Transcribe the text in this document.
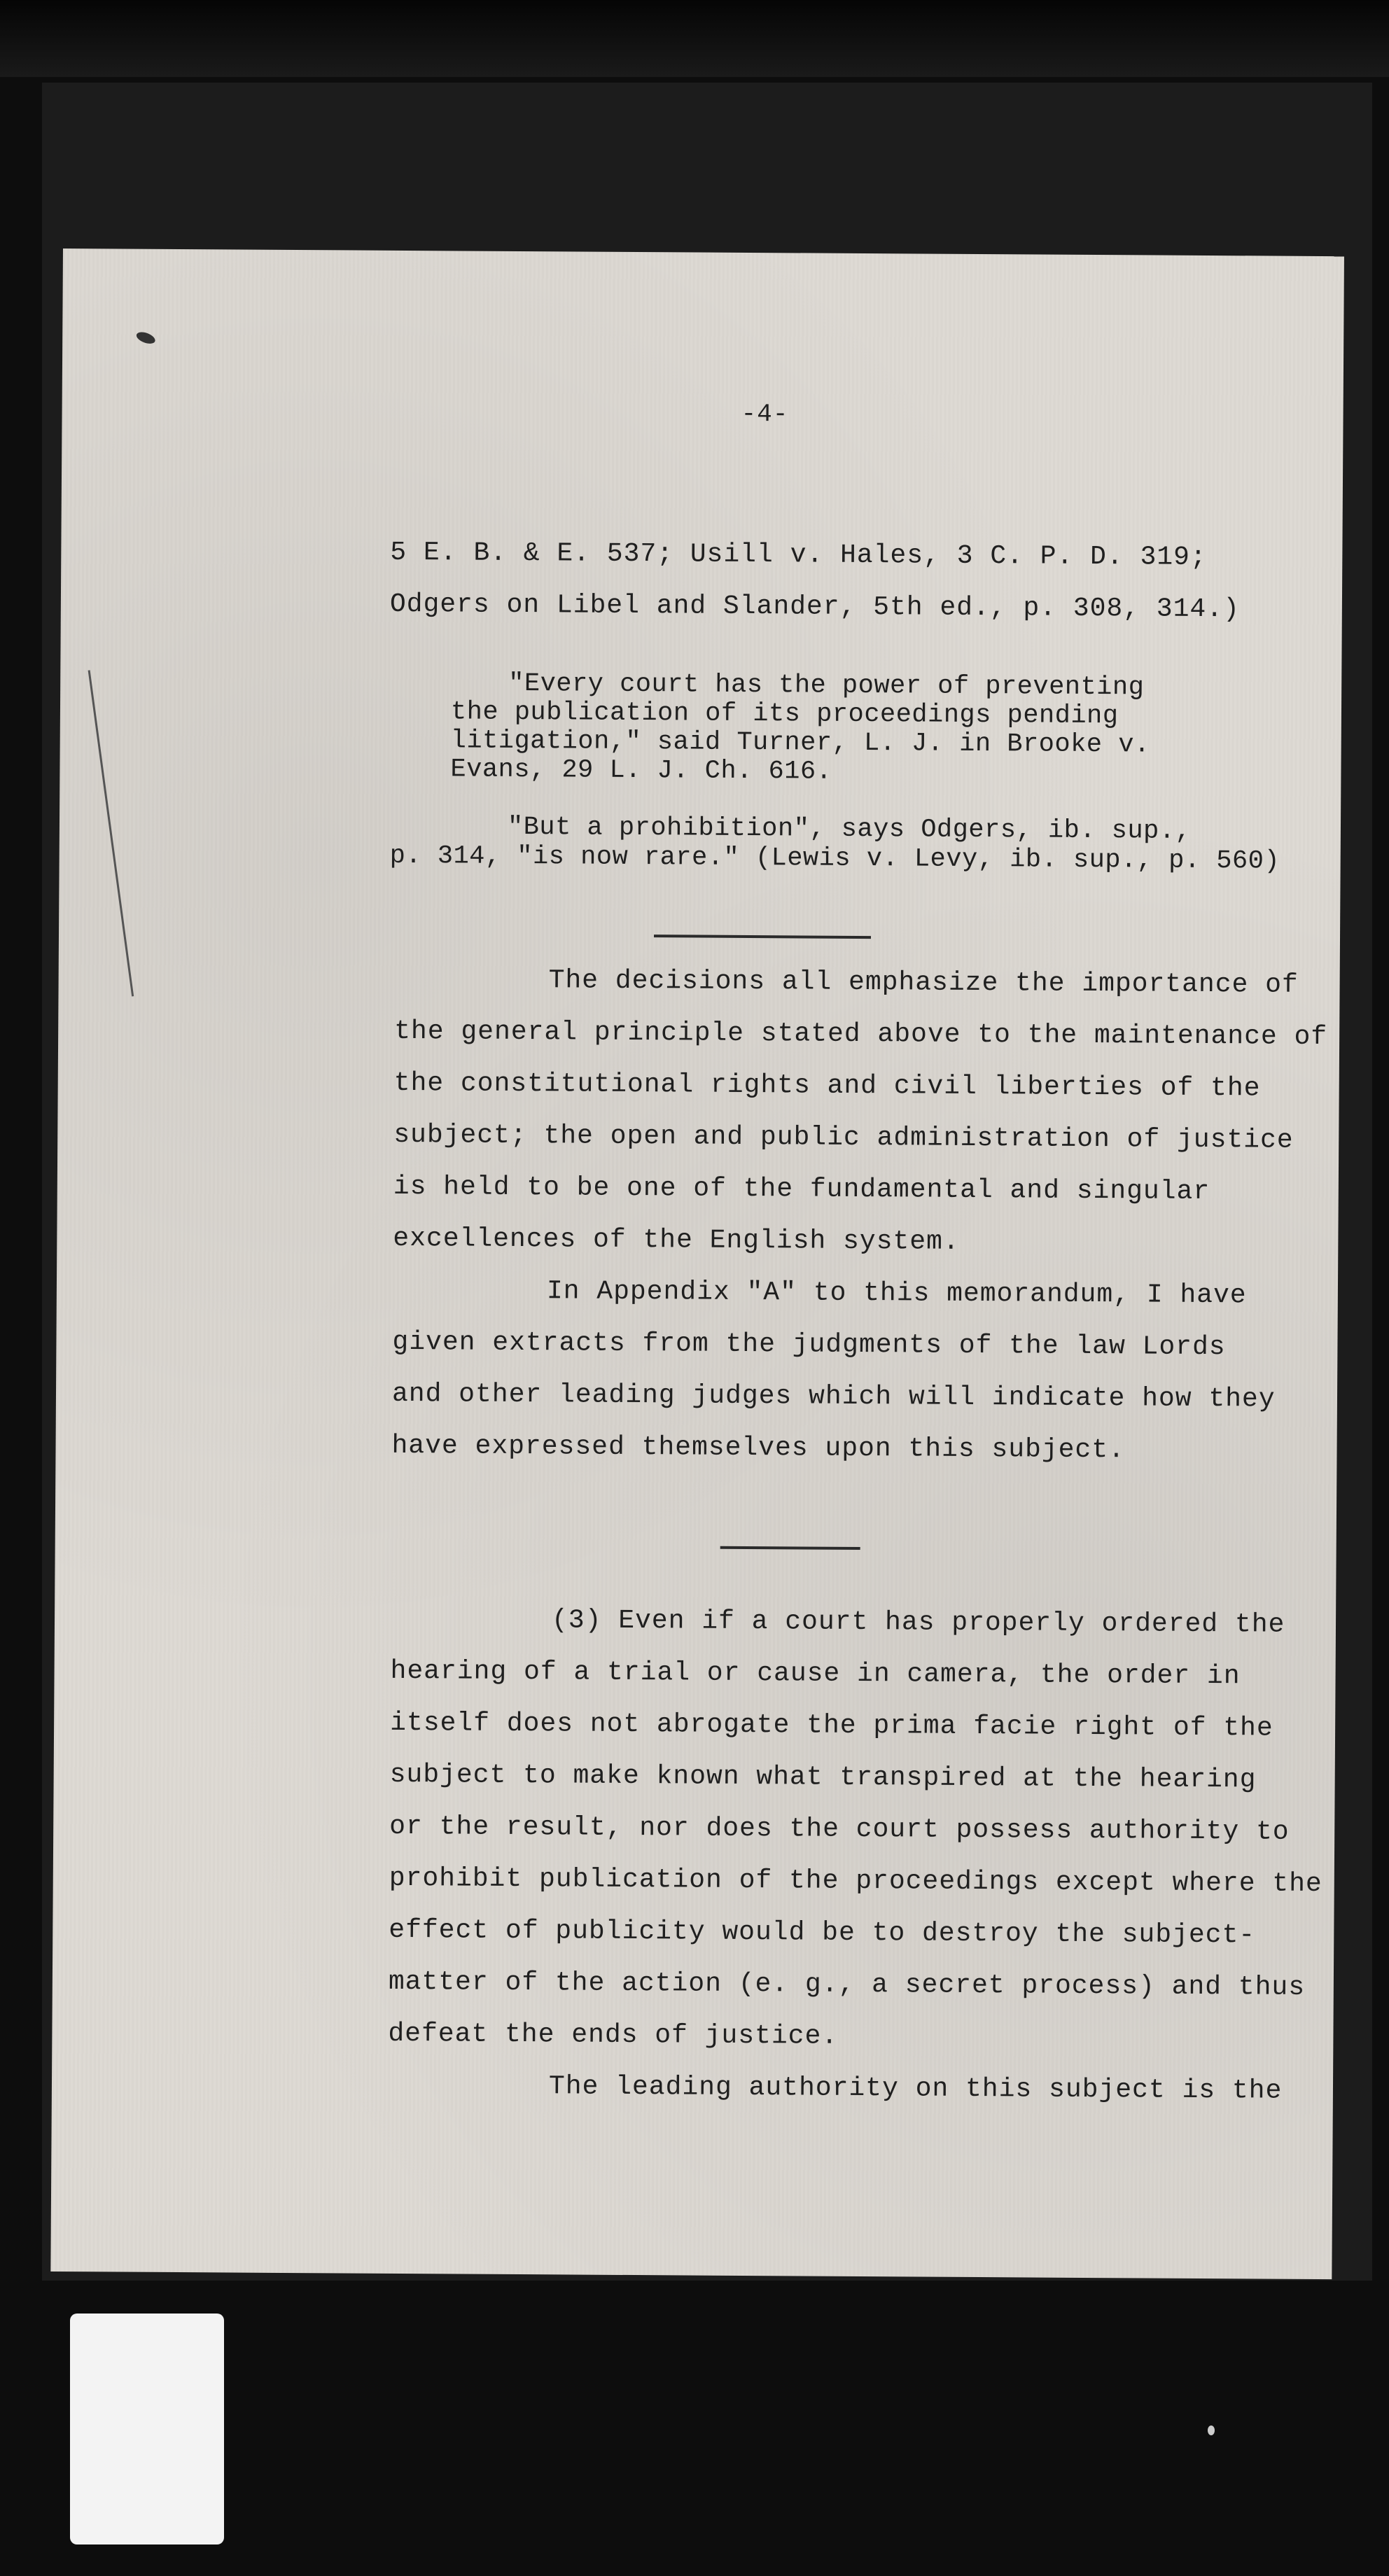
-4-
5 E. B. & E. 537; Usill v. Hales, 3 C. P. D. 319;
Odgers on Libel and Slander, 5th ed., p. 308, 314.)
"Every court has the power of preventing
the publication of its proceedings pending
litigation," said Turner, L. J. in Brooke v.
Evans, 29 L. J. Ch. 616.
"But a prohibition", says Odgers, ib. sup.,
p. 314, "is now rare." (Lewis v. Levy, ib. sup., p. 560)
The decisions all emphasize the importance of
the general principle stated above to the maintenance of
the constitutional rights and civil liberties of the
subject; the open and public administration of justice
is held to be one of the fundamental and singular
excellences of the English system.
In Appendix "A" to this memorandum, I have
given extracts from the judgments of the law Lords
and other leading judges which will indicate how they
have expressed themselves upon this subject.
(3) Even if a court has properly ordered the
hearing of a trial or cause in camera, the order in
itself does not abrogate the prima facie right of the
subject to make known what transpired at the hearing
or the result, nor does the court possess authority to
prohibit publication of the proceedings except where the
effect of publicity would be to destroy the subject-
matter of the action (e. g., a secret process) and thus
defeat the ends of justice.
The leading authority on this subject is the
